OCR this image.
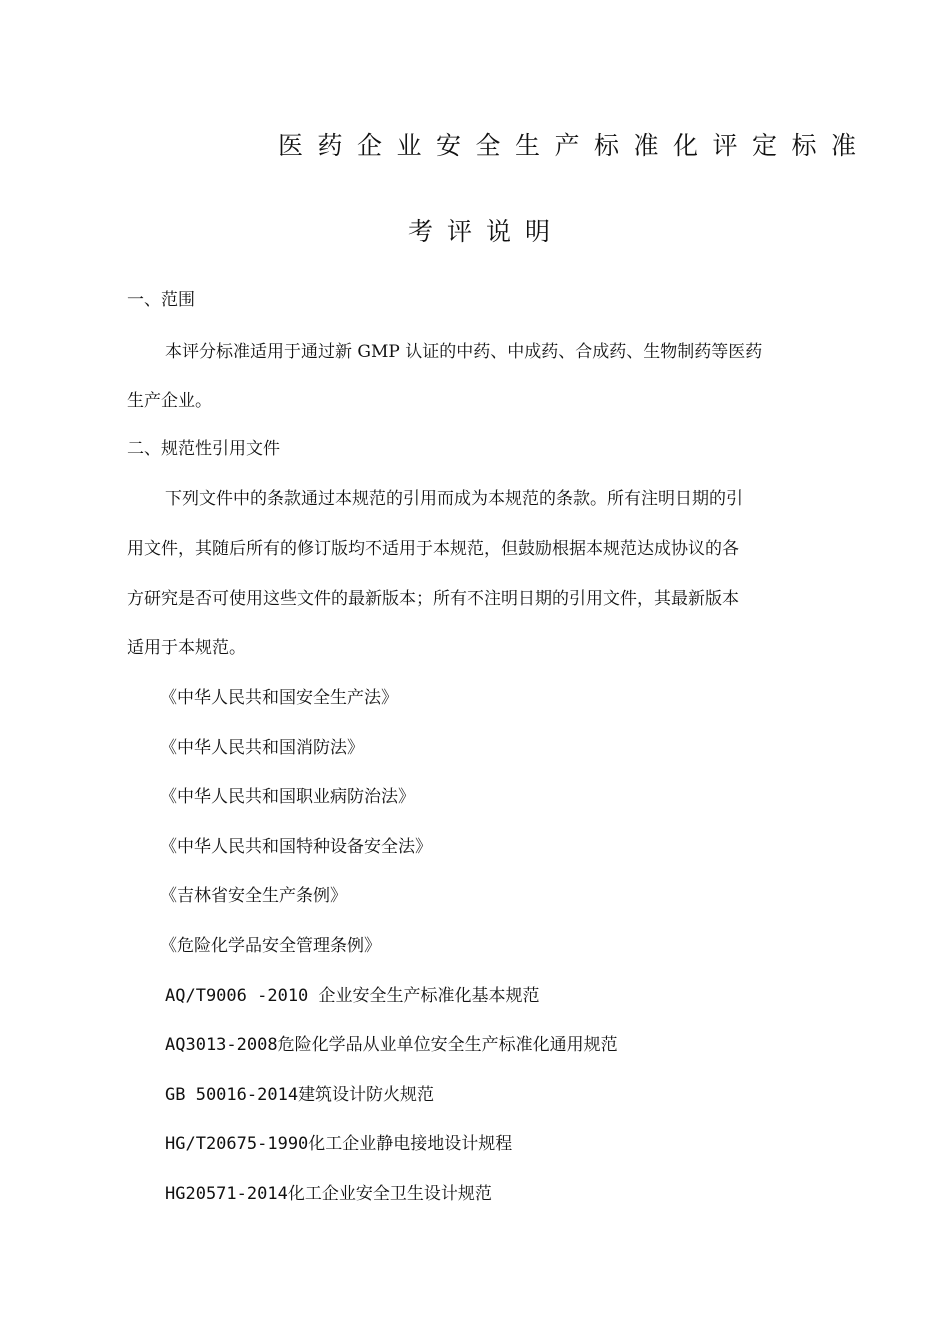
医药企业安全生产标准化评定标准
考评说明
一、范围
本评分标准适用于通过新 GMP 认证的中药、中成药、合成药、生物制药等医药
生产企业。
二、规范性引用文件
下列文件中的条款通过本规范的引用而成为本规范的条款。所有注明日期的引
用文件，其随后所有的修订版均不适用于本规范，但鼓励根据本规范达成协议的各
方研究是否可使用这些文件的最新版本；所有不注明日期的引用文件，其最新版本
适用于本规范。
《中华人民共和国安全生产法》
《中华人民共和国消防法》
《中华人民共和国职业病防治法》
《中华人民共和国特种设备安全法》
《吉林省安全生产条例》
《危险化学品安全管理条例》
AQ/T9006 -2010 企业安全生产标准化基本规范
AQ3013-2008危险化学品从业单位安全生产标准化通用规范
GB 50016-2014建筑设计防火规范
HG/T20675-1990化工企业静电接地设计规程
HG20571-2014化工企业安全卫生设计规范
